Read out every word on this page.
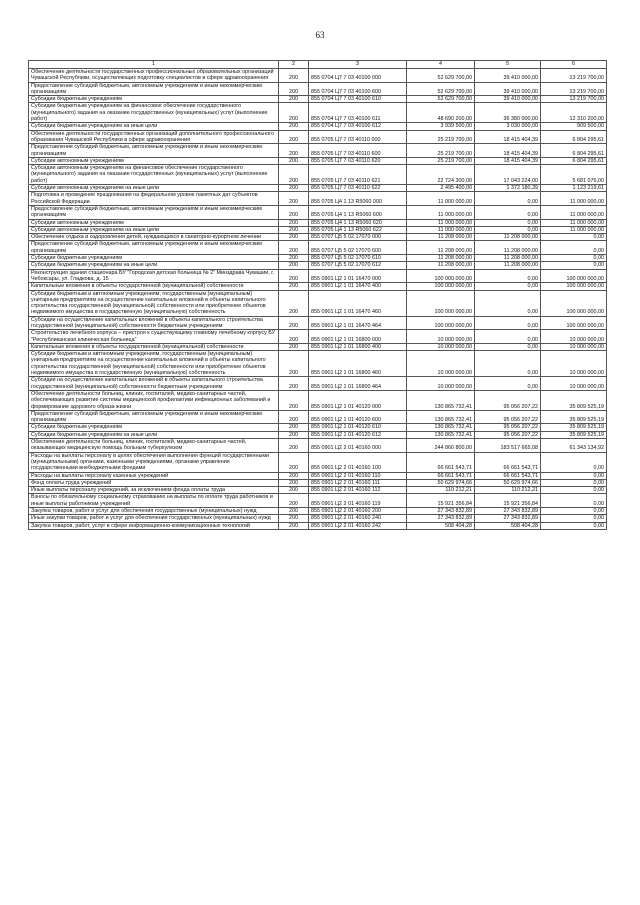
63
1	2	3	4	5	6
Обеспечение деятельности государственных профессиональных образовательных организаций Чувашской Республики, осуществляющих подготовку специалистов в сфере здравоохранения	200	855 0704 Ц7 7 03 40100 000	52 629 700,00	39 410 000,00	13 219 700,00
Предоставление субсидий бюджетным, автономным учреждениям и иным некоммерческим организациям	200	855 0704 Ц7 7 03 40100 600	52 629 700,00	39 410 000,00	13 219 700,00
Субсидии бюджетным учреждениям	200	855 0704 Ц7 7 03 40100 610	52 629 700,00	39 410 000,00	13 219 700,00
Субсидии бюджетным учреждениям на финансовое обеспечение государственного (муниципального) задания на оказание государственных (муниципальных) услуг (выполнение работ)	200	855 0704 Ц7 7 03 40100 611	48 690 200,00	36 380 000,00	12 310 200,00
Субсидии бюджетным учреждениям на иные цели	200	855 0704 Ц7 7 03 40100 612	3 939 500,00	3 030 000,00	909 500,00
Обеспечение деятельности государственных организаций дополнительного профессионального образования Чувашской Республики в сфере здравоохранения	200	855 0705 Ц7 7 03 40110 000	25 219 700,00	18 415 404,39	6 804 295,61
Предоставление субсидий бюджетным, автономным учреждениям и иным некоммерческим организациям	200	855 0705 Ц7 7 03 40110 600	25 219 700,00	18 415 404,39	6 804 295,61
Субсидии автономным учреждениям	200	855 0705 Ц7 7 03 40110 620	25 219 700,00	18 415 404,39	6 804 295,61
Субсидии автономным учреждениям на финансовое обеспечение государственного (муниципального) задания на оказание государственных (муниципальных) услуг (выполнение работ)	200	855 0705 Ц7 7 03 40110 621	22 724 300,00	17 043 224,00	5 681 076,00
Субсидии автономным учреждениям на иные цели	200	855 0705 Ц7 7 03 40110 622	2 495 400,00	1 372 180,39	1 123 219,61
Подготовка и проведение празднования на федеральном уровне памятных дат субъектов Российской Федерации	200	855 0705 Ц4 1 13 R5060 000	11 000 000,00	0,00	11 000 000,00
Предоставление субсидий бюджетным, автономным учреждениям и иным некоммерческим организациям	200	855 0705 Ц4 1 13 R5060 600	11 000 000,00	0,00	11 000 000,00
Субсидии автономным учреждениям	200	855 0705 Ц4 1 13 R5060 620	11 000 000,00	0,00	11 000 000,00
Субсидии автономным учреждениям на иные цели	200	855 0705 Ц4 1 13 R5060 622	11 000 000,00	0,00	11 000 000,00
Обеспечение отдыха и оздоровления детей, нуждающихся в санаторно-курортном лечении	200	855 0707 Ц5 5 02 17070 000	11 208 000,00	11 208 000,00	0,00
Предоставление субсидий бюджетным, автономным учреждениям и иным некоммерческим организациям	200	855 0707 Ц5 5 02 17070 600	11 208 000,00	11 208 000,00	0,00
Субсидии бюджетным учреждениям	200	855 0707 Ц5 5 02 17070 610	11 208 000,00	11 208 000,00	0,00
Субсидии бюджетным учреждениям на иные цели	200	855 0707 Ц5 5 02 17070 612	11 208 000,00	11 208 000,00	0,00
Реконструкция здания стационара БУ "Городская детская больница № 2" Минздрава Чувашии, г. Чебоксары, ул. Гладкова, д. 15	200	855 0901 Ц2 1 01 16470 000	100 000 000,00	0,00	100 000 000,00
Капитальные вложения в объекты государственной (муниципальной) собственности	200	855 0901 Ц2 1 01 16470 400	100 000 000,00	0,00	100 000 000,00
Субсидии бюджетным и автономным учреждениям, государственным (муниципальным) унитарным предприятиям на осуществление капитальных вложений в объекты капитального строительства государственной (муниципальной) собственности или приобретение объектов недвижимого имущества в государственную (муниципальную) собственность	200	855 0901 Ц2 1 01 16470 460	100 000 000,00	0,00	100 000 000,00
Субсидии на осуществление капитальных вложений в объекты капитального строительства государственной (муниципальной) собственности бюджетным учреждениям	200	855 0901 Ц2 1 01 16470 464	100 000 000,00	0,00	100 000 000,00
Строительство лечебного корпуса – пристроя к существующему главному лечебному корпусу БУ "Республиканская клиническая больница"	200	855 0901 Ц2 1 01 16800 000	10 000 000,00	0,00	10 000 000,00
Капитальные вложения в объекты государственной (муниципальной) собственности	200	855 0901 Ц2 1 01 16800 400	10 000 000,00	0,00	10 000 000,00
Субсидии бюджетным и автономным учреждениям, государственным (муниципальным) унитарным предприятиям на осуществление капитальных вложений в объекты капитального строительства государственной (муниципальной) собственности или приобретение объектов недвижимого имущества в государственную (муниципальную) собственность	200	855 0901 Ц2 1 01 16800 460	10 000 000,00	0,00	10 000 000,00
Субсидии на осуществление капитальных вложений в объекты капитального строительства государственной (муниципальной) собственности бюджетным учреждениям	200	855 0901 Ц2 1 01 16800 464	10 000 000,00	0,00	10 000 000,00
Обеспечение деятельности больниц, клиник, госпиталей, медико-санитарных частей, обеспечивающих развитие системы медицинской профилактики инфекционных заболеваний и формирование здорового образа жизни	200	855 0901 Ц2 1 01 40120 000	130 865 732,41	95 056 207,22	35 809 525,19
Предоставление субсидий бюджетным, автономным учреждениям и иным некоммерческим организациям	200	855 0901 Ц2 1 01 40120 600	130 865 732,41	95 056 207,22	35 809 525,19
Субсидии бюджетным учреждениям	200	855 0901 Ц2 1 01 40120 610	130 865 732,41	95 056 207,22	35 809 525,19
Субсидии бюджетным учреждениям на иные цели	200	855 0901 Ц2 1 01 40120 612	130 865 732,41	95 056 207,22	35 809 525,19
Обеспечение деятельности больниц, клиник, госпиталей, медико-санитарных частей, оказывающих медицинскую помощь больным туберкулезом	200	855 0901 Ц2 2 01 40160 000	244 860 800,00	183 517 665,08	61 343 134,92
Расходы на выплаты персоналу в целях обеспечения выполнения функций государственными (муниципальными) органами, казенными учреждениями, органами управления государственными внебюджетными фондами	200	855 0901 Ц2 2 01 40160 100	66 661 543,71	66 661 543,71	0,00
Расходы на выплаты персоналу казенных учреждений	200	855 0901 Ц2 2 01 40160 110	66 661 543,71	66 661 543,71	0,00
Фонд оплаты труда учреждений	200	855 0901 Ц2 2 01 40160 111	50 629 974,66	50 629 974,66	0,00
Иные выплаты персоналу учреждений, за исключением фонда оплаты труда	200	855 0901 Ц2 2 01 40160 112	110 212,21	110 212,21	0,00
Взносы по обязательному социальному страхованию на выплаты по оплате труда работников и иные выплаты работникам учреждений	200	855 0901 Ц2 2 01 40160 119	15 921 356,84	15 921 356,84	0,00
Закупка товаров, работ и услуг для обеспечения государственных (муниципальных) нужд	200	855 0901 Ц2 2 01 40160 200	27 343 832,89	27 343 832,89	0,00
Иные закупки товаров, работ и услуг для обеспечения государственных (муниципальных) нужд	200	855 0901 Ц2 2 01 40160 240	27 343 832,89	27 343 832,89	0,00
Закупка товаров, работ, услуг в сфере информационно-коммуникационных технологий	200	855 0901 Ц2 2 01 40160 242	508 404,28	508 404,28	0,00
